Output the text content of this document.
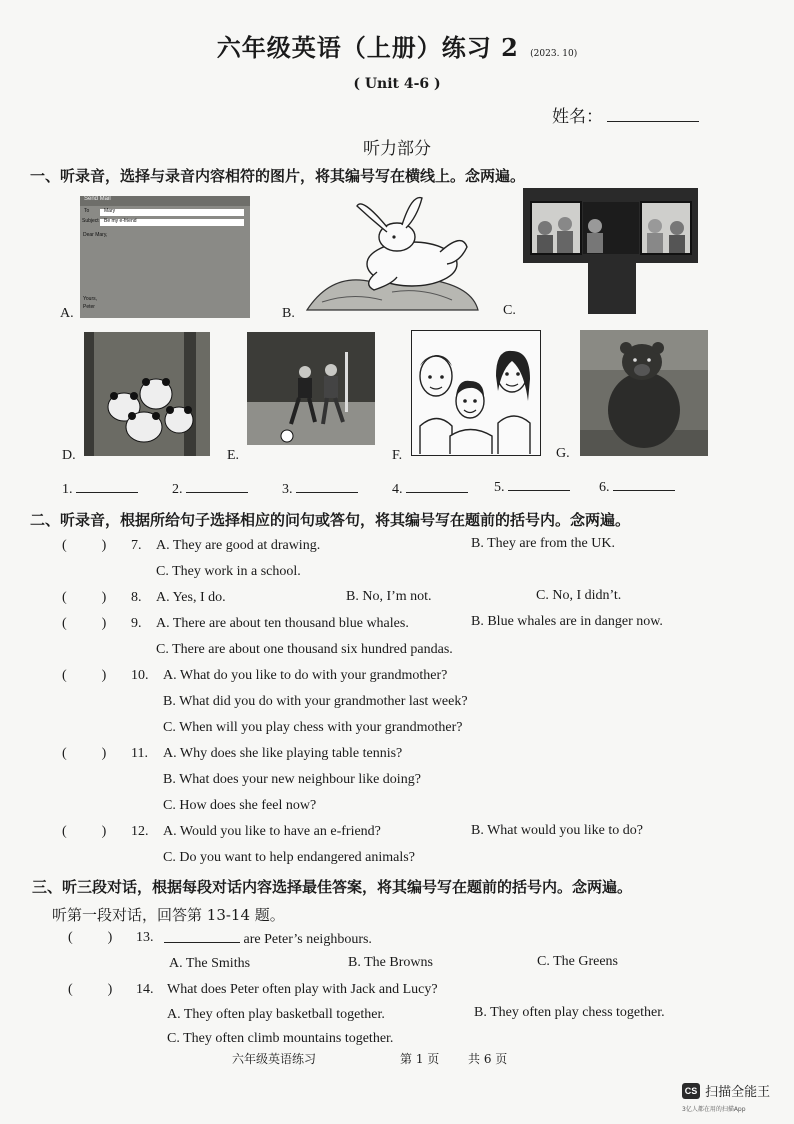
六年级英语（上册）练习 2 (2023. 10)
( Unit 4-6 )
姓名：
听力部分
一、听录音，选择与录音内容相符的图片，将其编号写在横线上。念两遍。
Send Mail
To	Mary
Subject Be my e-friend
Dear Mary,
Yours,
Peter
A.	B.	C.
D.	E.	F.	G.
1.	2.	3.	4.	5.	6.
二、听录音，根据所给句子选择相应的问句或答句，将其编号写在题前的括号内。念两遍。
(          ) 7. A. They are good at drawing.	B. They are from the UK.
C. They work in a school.
(          ) 8. A. Yes, I do.	B. No, I’m not.	C. No, I didn’t.
(          ) 9. A. There are about ten thousand blue whales.	B. Blue whales are in danger now.
C. There are about one thousand six hundred pandas.
(          ) 10. A. What do you like to do with your grandmother?
B. What did you do with your grandmother last week?
C. When will you play chess with your grandmother?
(          ) 11. A. Why does she like playing table tennis?
B. What does your new neighbour like doing?
C. How does she feel now?
(          ) 12. A. Would you like to have an e-friend?	B. What would you like to do?
C. Do you want to help endangered animals?
三、听三段对话，根据每段对话内容选择最佳答案，将其编号写在题前的括号内。念两遍。
听第一段对话，回答第 13-14 题。
(          ) 13.	are Peter’s neighbours.
A. The Smiths	B. The Browns	C. The Greens
(          ) 14. What does Peter often play with Jack and Lucy?
A. They often play basketball together.	B. They often play chess together.
C. They often climb mountains together.
六年级英语练习	第 1 页 共 6 页
CS 扫描全能王
3亿人都在用的扫描App
